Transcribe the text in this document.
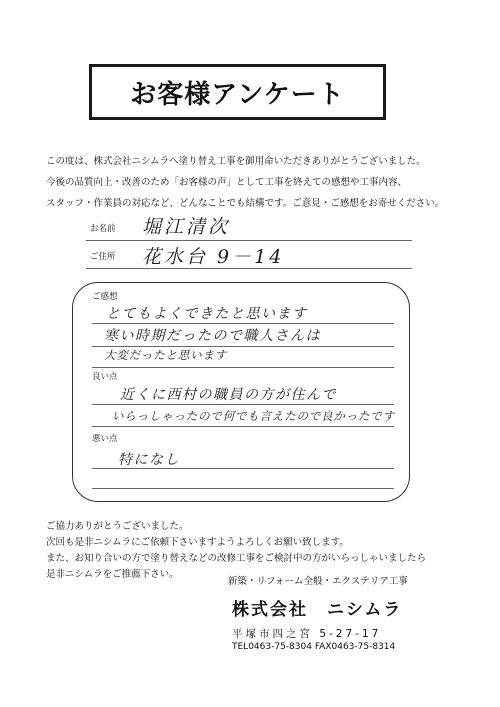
お客様アンケート
この度は、株式会社ニシムラへ塗り替え工事を御用命いただきありがとうございました。
今後の品質向上・改善のため「お客様の声」として工事を終えての感想や工事内容、
スタッフ・作業員の対応など、どんなことでも結構です。ご意見・ご感想をお寄せください。
お名前 堀江清次
ご住所 花水台 9－14
ご感想
とてもよくできたと思います
寒い時期だったので職人さんは
大変だったと思います
良い点
近くに西村の職員の方が住んで
いらっしゃったので何でも言えたので良かったです
悪い点
特になし
ご協力ありがとうございました。
次回も是非ニシムラにご依頼下さいますようよろしくお願い致します。
また、お知り合いの方で塗り替えなどの改修工事をご検討中の方がいらっしゃいましたら
是非ニシムラをご推薦下さい。
新築・リフォーム全般・エクステリア工事
株式会社　ニシムラ
平塚市四之宮 5-27-17
TEL0463-75-8304 FAX0463-75-8314
